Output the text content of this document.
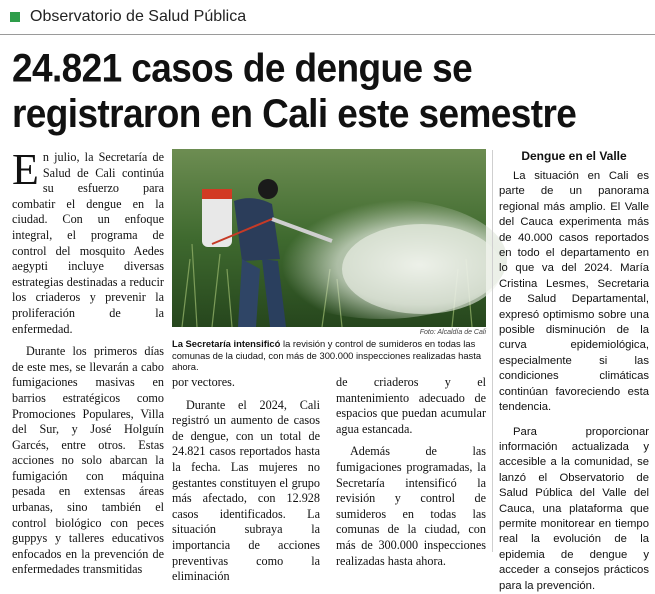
Observatorio de Salud Pública
24.821 casos de dengue se
registraron en Cali este semestre

En julio, la Secretaría de Salud de Cali continúa su esfuerzo para combatir el dengue en la ciudad. Con un enfoque integral, el programa de control del mosquito Aedes aegypti incluye diversas estrategias destinadas a reducir los criaderos y prevenir la proliferación de la enfermedad.

Durante los primeros días de este mes, se llevarán a cabo fumigaciones masivas en barrios estratégicos como Promociones Populares, Villa del Sur, y José Holguín Garcés, entre otros. Estas acciones no solo abarcan la fumigación con máquina pesada en extensas áreas urbanas, sino también el control biológico con peces guppys y talleres educativos enfocados en la prevención de enfermedades transmitidas

Foto: Alcaldía de Cali
La Secretaría intensificó la revisión y control de sumideros en todas las comunas de la ciudad, con más de 300.000 inspecciones realizadas hasta ahora.

por vectores.

Durante el 2024, Cali registró un aumento de casos de dengue, con un total de 24.821 casos reportados hasta la fecha. Las mujeres no gestantes constituyen el grupo más afectado, con 12.928 casos identificados. La situación subraya la importancia de acciones preventivas como la eliminación

de criaderos y el mantenimiento adecuado de espacios que puedan acumular agua estancada.

Además de las fumigaciones programadas, la Secretaría intensificó la revisión y control de sumideros en todas las comunas de la ciudad, con más de 300.000 inspecciones realizadas hasta ahora.

Dengue en el Valle

La situación en Cali es parte de un panorama regional más amplio. El Valle del Cauca experimenta más de 40.000 casos reportados en todo el departamento en lo que va del 2024. María Cristina Lesmes, Secretaria de Salud Departamental, expresó optimismo sobre una posible disminución de la curva epidemiológica, especialmente si las condiciones climáticas continúan favoreciendo esta tendencia.

Para proporcionar información actualizada y accesible a la comunidad, se lanzó el Observatorio de Salud Pública del Valle del Cauca, una plataforma que permite monitorear en tiempo real la evolución de la epidemia de dengue y acceder a consejos prácticos para la prevención.
